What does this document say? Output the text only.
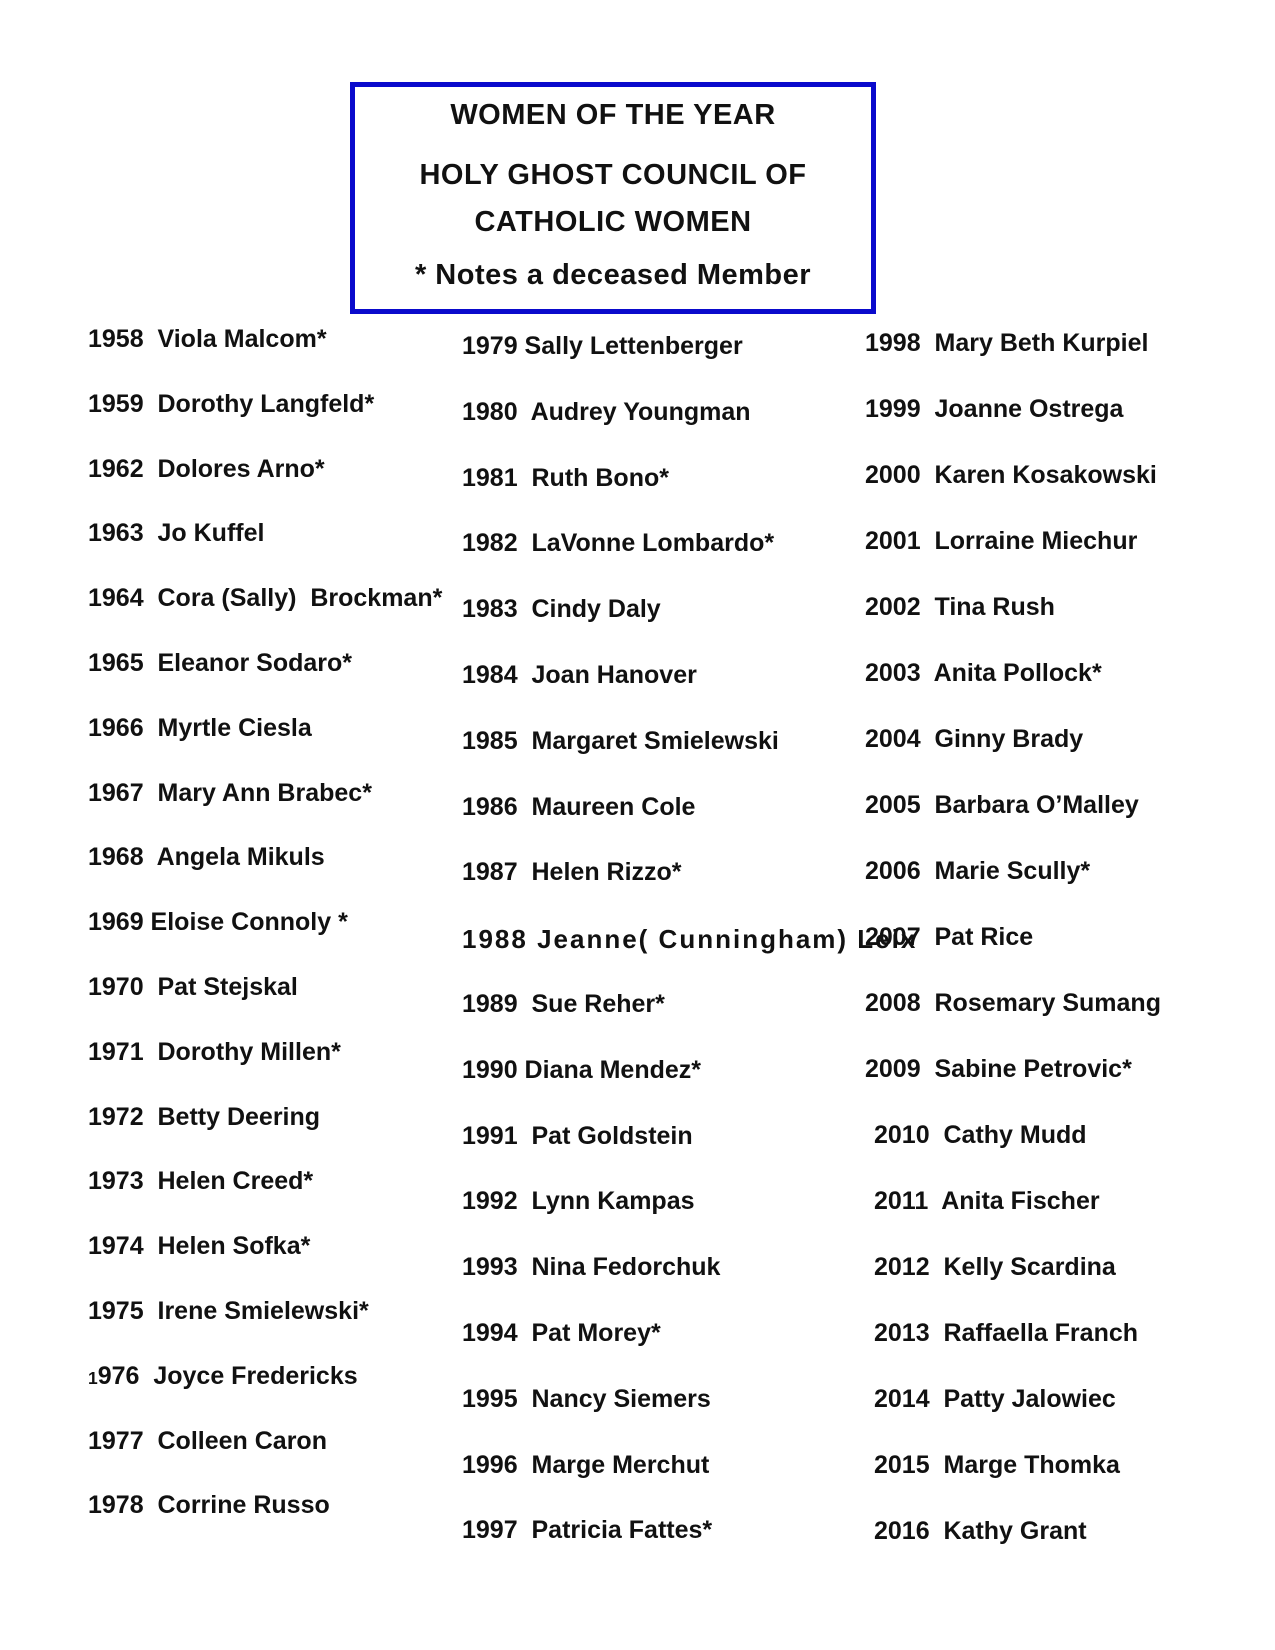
WOMEN OF THE YEAR
HOLY GHOST COUNCIL OF
CATHOLIC WOMEN
* Notes a deceased Member
1958  Viola Malcom*
1959  Dorothy Langfeld*
1962  Dolores Arno*
1963  Jo Kuffel
1964  Cora (Sally)  Brockman*
1965  Eleanor Sodaro*
1966  Myrtle Ciesla
1967  Mary Ann Brabec*
1968  Angela Mikuls
1969 Eloise Connoly *
1970  Pat Stejskal
1971  Dorothy Millen*
1972  Betty Deering
1973  Helen Creed*
1974  Helen Sofka*
1975  Irene Smielewski*
1976  Joyce Fredericks
1977  Colleen Caron
1978  Corrine Russo
1979 Sally Lettenberger
1980  Audrey Youngman
1981  Ruth Bono*
1982  LaVonne Lombardo*
1983  Cindy Daly
1984  Joan Hanover
1985  Margaret Smielewski
1986  Maureen Cole
1987  Helen Rizzo*
1988 Jeanne( Cunningham) Leix
1989  Sue Reher*
1990 Diana Mendez*
1991  Pat Goldstein
1992  Lynn Kampas
1993  Nina Fedorchuk
1994  Pat Morey*
1995  Nancy Siemers
1996  Marge Merchut
1997  Patricia Fattes*
1998  Mary Beth Kurpiel
1999  Joanne Ostrega
2000  Karen Kosakowski
2001  Lorraine Miechur
2002  Tina Rush
2003  Anita Pollock*
2004  Ginny Brady
2005  Barbara O’Malley
2006  Marie Scully*
2007  Pat Rice
2008  Rosemary Sumang
2009  Sabine Petrovic*
2010  Cathy Mudd
2011  Anita Fischer
2012  Kelly Scardina
2013  Raffaella Franch
2014  Patty Jalowiec
2015  Marge Thomka
2016  Kathy Grant
